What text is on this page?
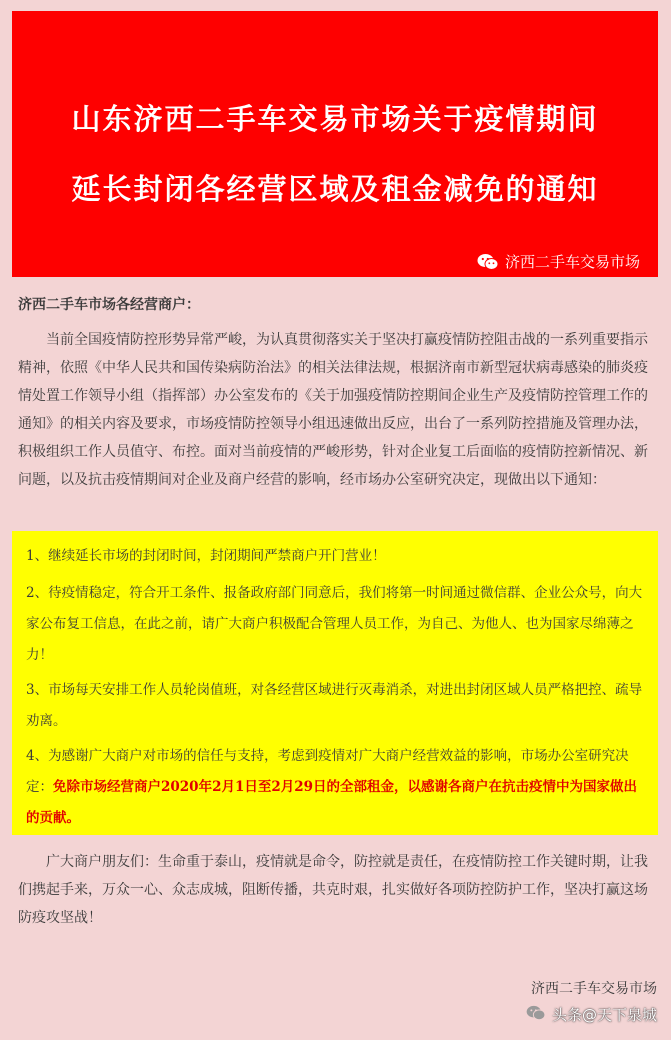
山东济西二手车交易市场关于疫情期间
延长封闭各经营区域及租金减免的通知
济西二手车交易市场
济西二手车市场各经营商户：

当前全国疫情防控形势异常严峻，为认真贯彻落实关于坚决打赢疫情防控阻击战的一系列重要指示精神，依照《中华人民共和国传染病防治法》的相关法律法规，根据济南市新型冠状病毒感染的肺炎疫情处置工作领导小组（指挥部）办公室发布的《关于加强疫情防控期间企业生产及疫情防控管理工作的通知》的相关内容及要求，市场疫情防控领导小组迅速做出反应，出台了一系列防控措施及管理办法，积极组织工作人员值守、布控。面对当前疫情的严峻形势，针对企业复工后面临的疫情防控新情况、新问题，以及抗击疫情期间对企业及商户经营的影响，经市场办公室研究决定，现做出以下通知：

1、继续延长市场的封闭时间，封闭期间严禁商户开门营业！

2、待疫情稳定，符合开工条件、报备政府部门同意后，我们将第一时间通过微信群、企业公众号，向大家公布复工信息，在此之前，请广大商户积极配合管理人员工作，为自己、为他人、也为国家尽绵薄之力！

3、市场每天安排工作人员轮岗值班，对各经营区域进行灭毒消杀，对进出封闭区域人员严格把控、疏导劝离。

4、为感谢广大商户对市场的信任与支持，考虑到疫情对广大商户经营效益的影响，市场办公室研究决定：免除市场经营商户2020年2月1日至2月29日的全部租金，以感谢各商户在抗击疫情中为国家做出的贡献。

广大商户朋友们：生命重于泰山，疫情就是命令，防控就是责任，在疫情防控工作关键时期，让我们携起手来，万众一心、众志成城，阻断传播，共克时艰，扎实做好各项防控防护工作，坚决打赢这场防疫攻坚战！

济西二手车交易市场
头条@天下泉城
